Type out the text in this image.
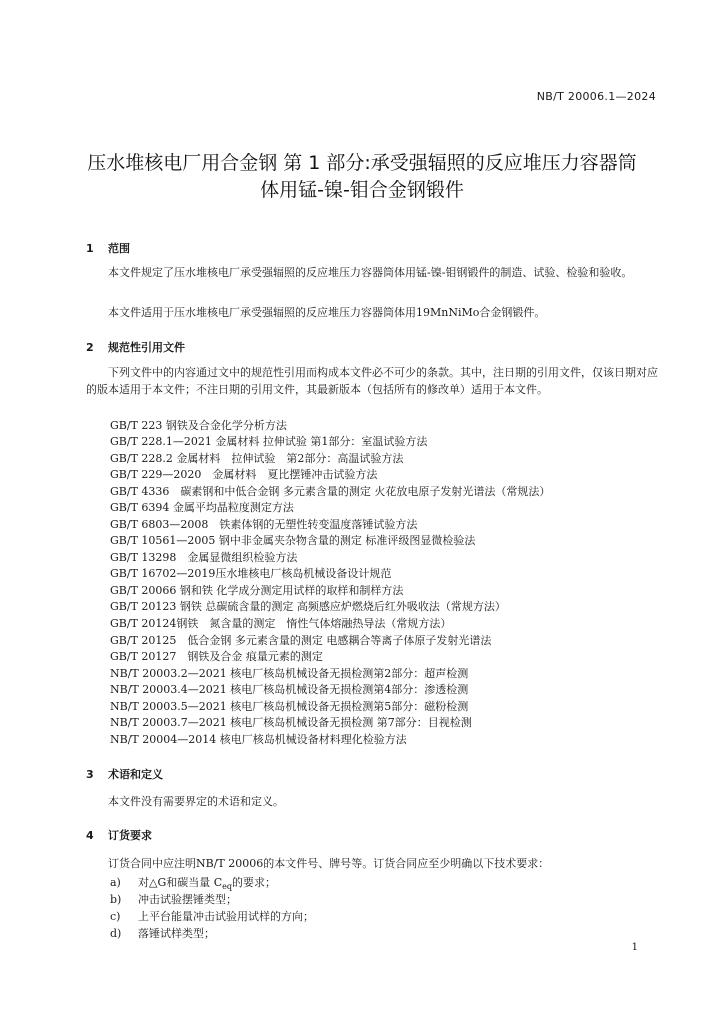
NB/T 20006.1—2024
压水堆核电厂用合金钢 第 1 部分:承受强辐照的反应堆压力容器筒
体用锰-镍-钼合金钢锻件
1 范围
本文件规定了压水堆核电厂承受强辐照的反应堆压力容器筒体用锰-镍-钼钢锻件的制造、试验、检验和验收。
本文件适用于压水堆核电厂承受强辐照的反应堆压力容器筒体用19MnNiMo合金钢锻件。
2 规范性引用文件
下列文件中的内容通过文中的规范性引用而构成本文件必不可少的条款。其中，注日期的引用文件，仅该日期对应的版本适用于本文件；不注日期的引用文件，其最新版本（包括所有的修改单）适用于本文件。
GB/T 223 钢铁及合金化学分析方法
GB/T 228.1—2021 金属材料 拉伸试验 第1部分：室温试验方法
GB/T 228.2 金属材料　拉伸试验　第2部分：高温试验方法
GB/T 229—2020　金属材料　夏比摆锤冲击试验方法
GB/T 4336　碳素钢和中低合金钢 多元素含量的测定 火花放电原子发射光谱法（常规法）
GB/T 6394 金属平均晶粒度测定方法
GB/T 6803—2008　铁素体钢的无塑性转变温度落锤试验方法
GB/T 10561—2005 钢中非金属夹杂物含量的测定 标准评级图显微检验法
GB/T 13298　金属显微组织检验方法
GB/T 16702—2019压水堆核电厂核岛机械设备设计规范
GB/T 20066 钢和铁 化学成分测定用试样的取样和制样方法
GB/T 20123 钢铁 总碳硫含量的测定 高频感应炉燃烧后红外吸收法（常规方法）
GB/T 20124钢铁　氮含量的测定　惰性气体熔融热导法（常规方法）
GB/T 20125　低合金钢 多元素含量的测定 电感耦合等离子体原子发射光谱法
GB/T 20127　钢铁及合金 痕量元素的测定
NB/T 20003.2—2021 核电厂核岛机械设备无损检测第2部分：超声检测
NB/T 20003.4—2021 核电厂核岛机械设备无损检测第4部分：渗透检测
NB/T 20003.5—2021 核电厂核岛机械设备无损检测第5部分：磁粉检测
NB/T 20003.7—2021 核电厂核岛机械设备无损检测 第7部分：目视检测
NB/T 20004—2014 核电厂核岛机械设备材料理化检验方法
3 术语和定义
本文件没有需要界定的术语和定义。
4 订货要求
订货合同中应注明NB/T 20006的本文件号、牌号等。订货合同应至少明确以下技术要求：
a) 对△G和碳当量 $C_{eq}$的要求；
b) 冲击试验摆锤类型；
c) 上平台能量冲击试验用试样的方向；
d) 落锤试样类型；
1
